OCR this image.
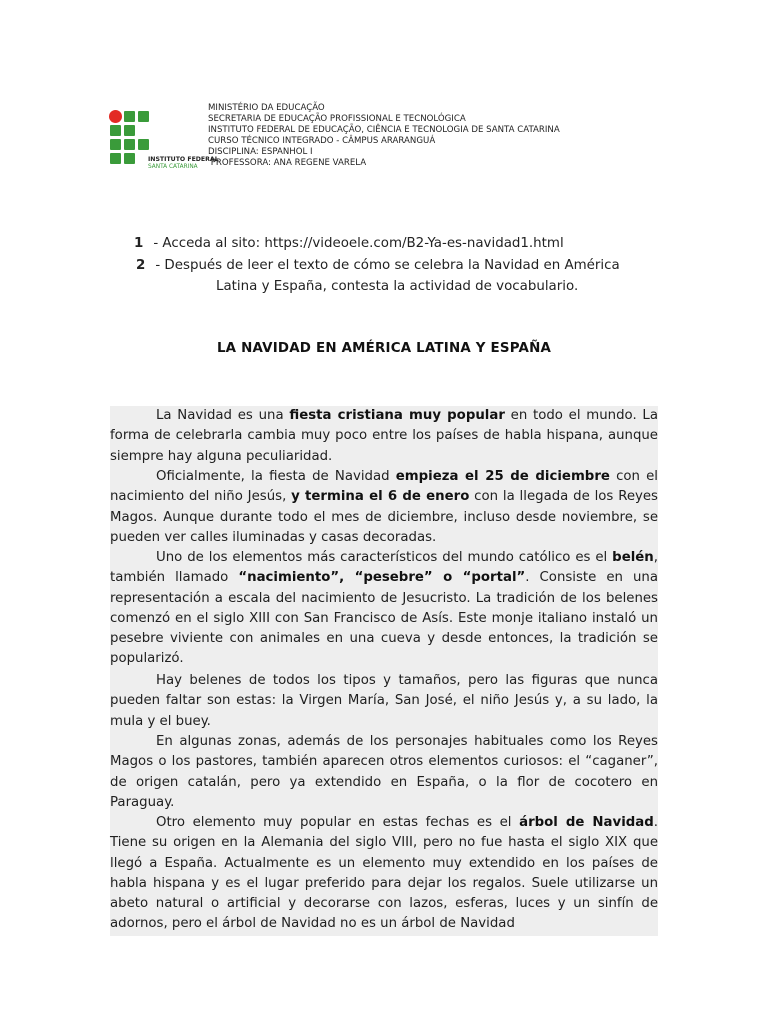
INSTITUTO FEDERAL
SANTA CATARINA
MINISTÉRIO DA EDUCAÇÃO
SECRETARIA DE EDUCAÇÃO PROFISSIONAL E TECNOLÓGICA
INSTITUTO FEDERAL DE EDUCAÇÃO, CIÊNCIA E TECNOLOGIA DE SANTA CATARINA
CURSO TÉCNICO INTEGRADO - CÂMPUS ARARANGUÁ
DISCIPLINA: ESPANHOL I
PROFESSORA: ANA REGENE VARELA
1 - Acceda al sito: https://videoele.com/B2-Ya-es-navidad1.html
2 - Después de leer el texto de cómo se celebra la Navidad en América
Latina y España, contesta la actividad de vocabulario.
LA NAVIDAD EN AMÉRICA LATINA Y ESPAÑA

La Navidad es una fiesta cristiana muy popular en todo el mundo. La forma de celebrarla cambia muy poco entre los países de habla hispana, aunque siempre hay alguna peculiaridad.

Oficialmente, la fiesta de Navidad empieza el 25 de diciembre con el nacimiento del niño Jesús, y termina el 6 de enero con la llegada de los Reyes Magos. Aunque durante todo el mes de diciembre, incluso desde noviembre, se pueden ver calles iluminadas y casas decoradas.

Uno de los elementos más característicos del mundo católico es el belén, también llamado “nacimiento”, “pesebre” o “portal”. Consiste en una representación a escala del nacimiento de Jesucristo. La tradición de los belenes comenzó en el siglo XIII con San Francisco de Asís. Este monje italiano instaló un pesebre viviente con animales en una cueva y desde entonces, la tradición se popularizó.

Hay belenes de todos los tipos y tamaños, pero las figuras que nunca pueden faltar son estas: la Virgen María, San José, el niño Jesús y, a su lado, la mula y el buey.

En algunas zonas, además de los personajes habituales como los Reyes Magos o los pastores, también aparecen otros elementos curiosos: el “caganer”, de origen catalán, pero ya extendido en España, o la flor de cocotero en Paraguay.

Otro elemento muy popular en estas fechas es el árbol de Navidad. Tiene su origen en la Alemania del siglo VIII, pero no fue hasta el siglo XIX que llegó a España. Actualmente es un elemento muy extendido en los países de habla hispana y es el lugar preferido para dejar los regalos. Suele utilizarse un abeto natural o artificial y decorarse con lazos, esferas, luces y un sinfín de adornos, pero el árbol de Navidad no es un árbol de Navidad
